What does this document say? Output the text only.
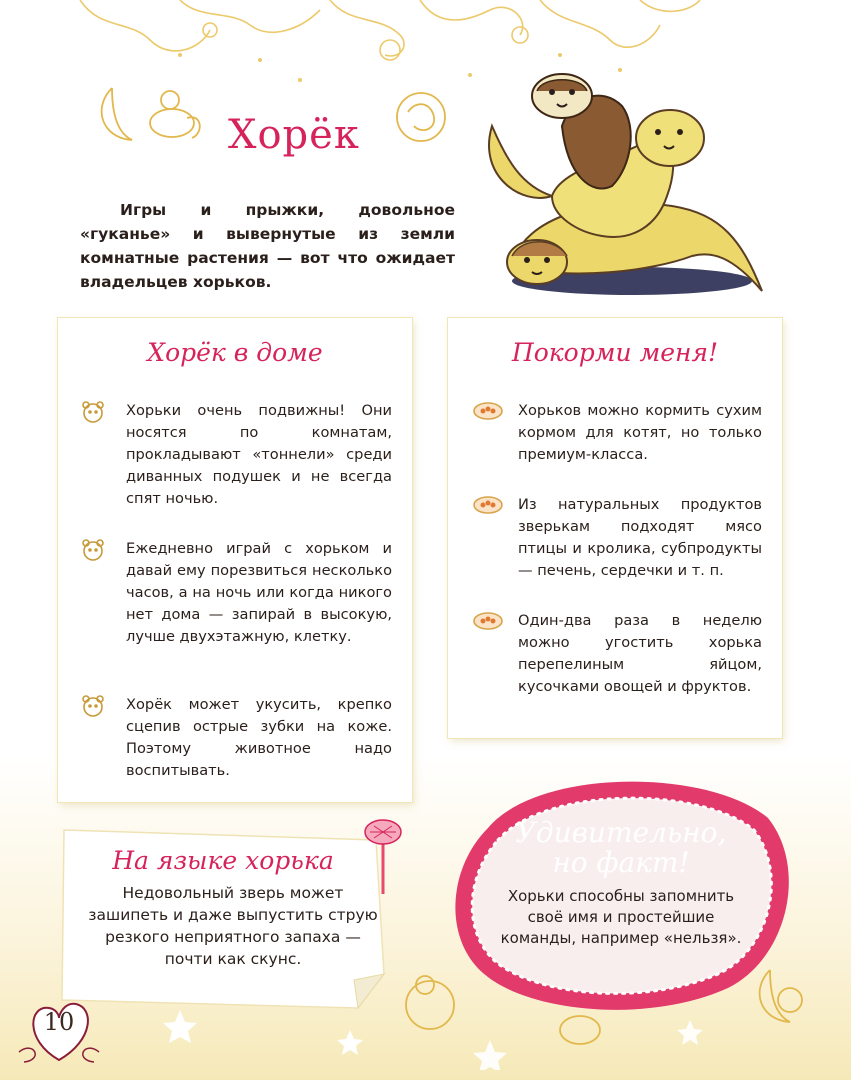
Хорёк
Игры и прыжки, довольное «гуканье» и вывернутые из земли комнатные растения — вот что ожидает владельцев хорьков.
Хорёк в доме
Хорьки очень подвижны! Они носятся по комнатам, прокладывают «тоннели» среди диванных подушек и не всегда спят ночью.
Ежедневно играй с хорьком и давай ему порезвиться несколько часов, а на ночь или когда никого нет дома — запирай в высокую, лучше двухэтажную, клетку.
Хорёк может укусить, крепко сцепив острые зубки на коже. Поэтому животное надо воспитывать.
Покорми меня!
Хорьков можно кормить сухим кормом для котят, но только премиум-класса.
Из натуральных продуктов зверькам подходят мясо птицы и кролика, субпродукты — печень, сердечки и т. п.
Один-два раза в неделю можно угостить хорька перепелиным яйцом, кусочками овощей и фруктов.
На языке хорька
Недовольный зверь может зашипеть и даже выпустить струю резкого неприятного запаха — почти как скунс.
Удивительно,
но факт!
Хорьки способны запомнить своё имя и простейшие команды, например «нельзя».
10
